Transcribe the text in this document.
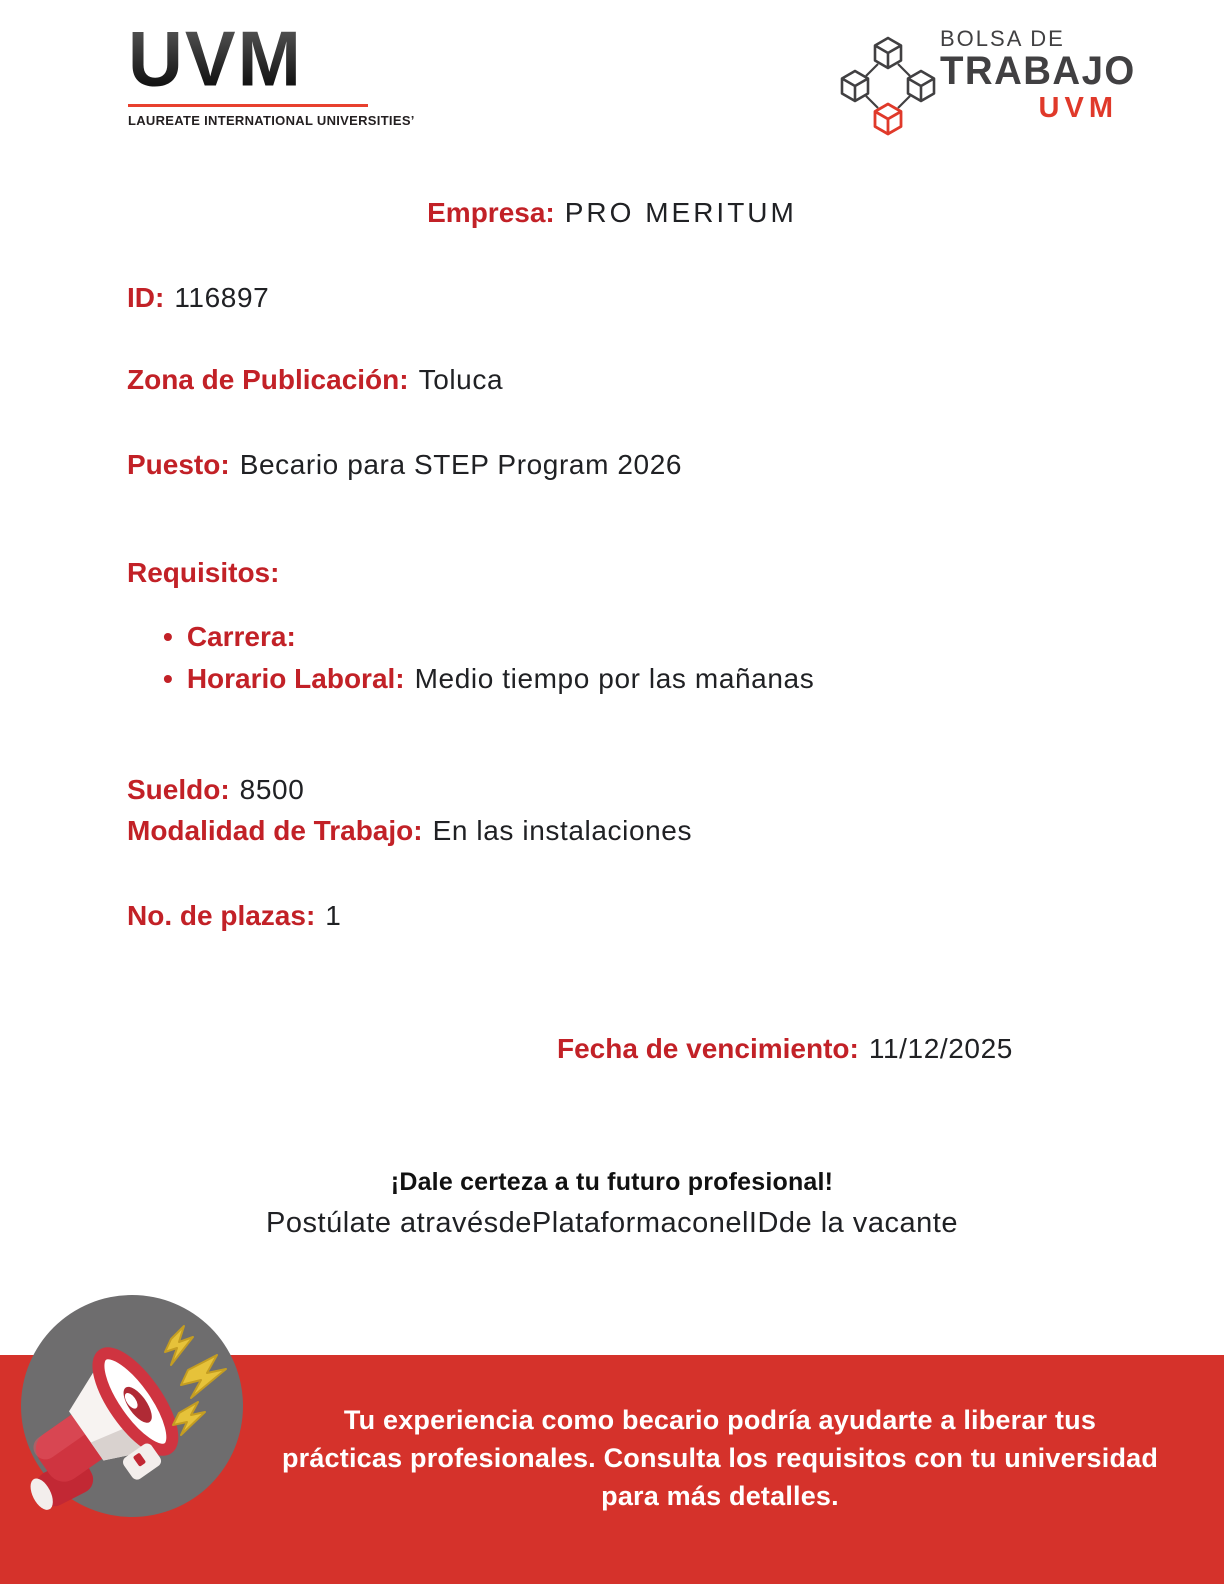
UVM
LAUREATE INTERNATIONAL UNIVERSITIES’
BOLSA DE
TRABAJO
UVM
Empresa: PRO MERITUM
ID: 116897
Zona de Publicación: Toluca
Puesto: Becario para STEP Program 2026
Requisitos:
• Carrera:
• Horario Laboral: Medio tiempo por las mañanas
Sueldo: 8500
Modalidad de Trabajo: En las instalaciones
No. de plazas: 1
Fecha de vencimiento: 11/12/2025
¡Dale certeza a tu futuro profesional!
Postúlate atravésdePlataformaconelIDde la vacante
Tu experiencia como becario podría ayudarte a liberar tus prácticas profesionales. Consulta los requisitos con tu universidad para más detalles.
